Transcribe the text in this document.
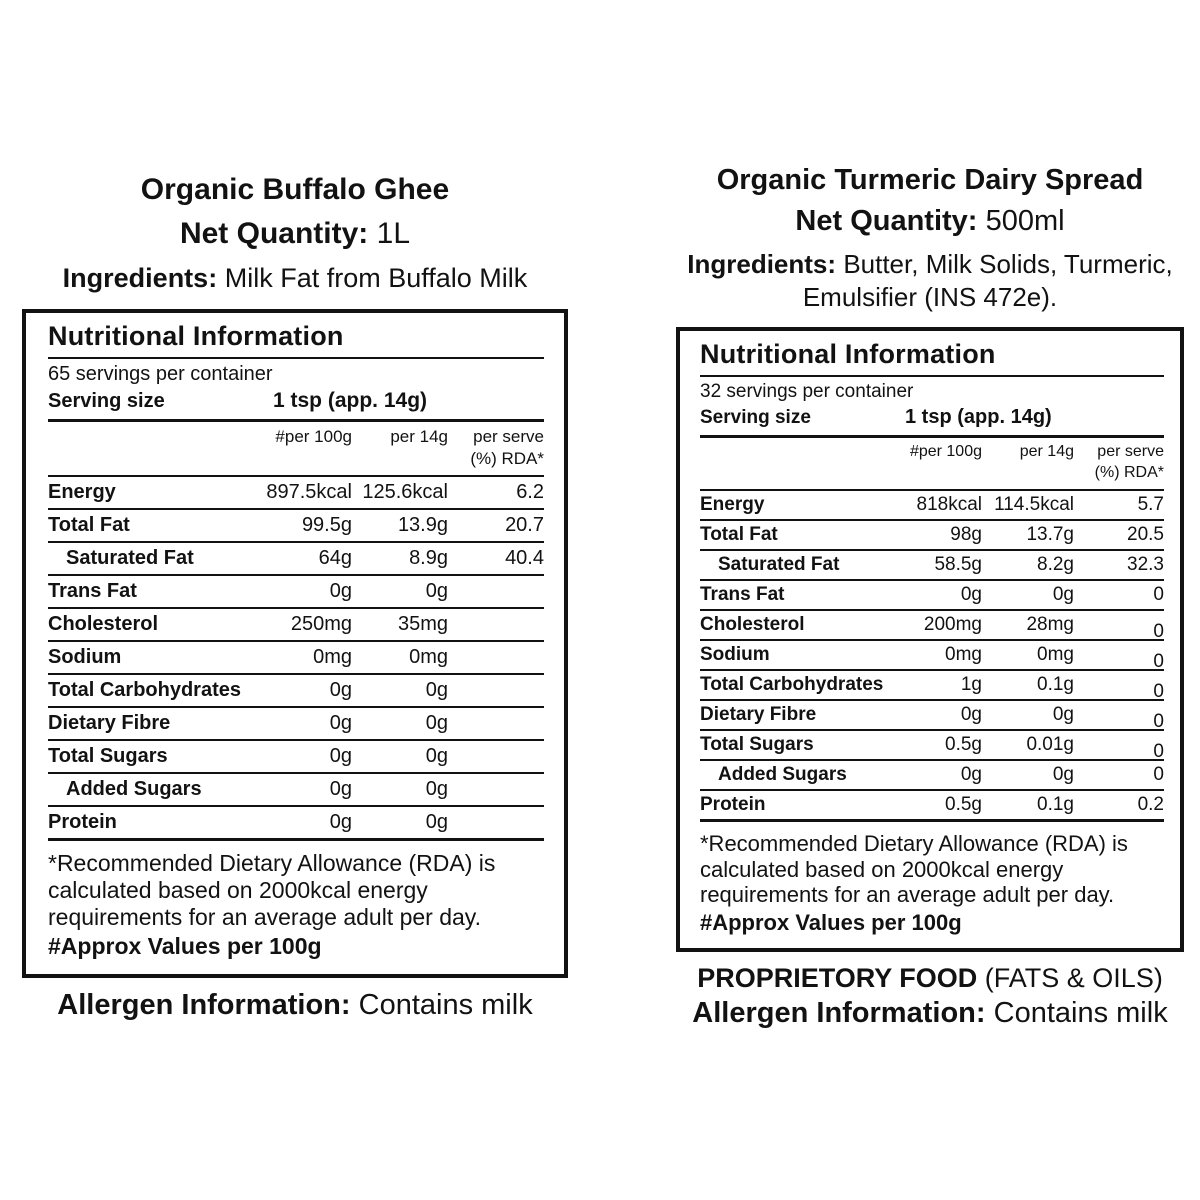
Organic Buffalo Ghee
Net Quantity: 1L
Ingredients: Milk Fat from Buffalo Milk
Nutritional Information
65 servings per container
Serving size	1 tsp (app. 14g)
#per 100g	per 14g	per serve
(%) RDA*
Energy	897.5kcal 125.6kcal	6.2
Total Fat	99.5g	13.9g	20.7
Saturated Fat	64g	8.9g	40.4
Trans Fat	0g	0g
Cholesterol	250mg	35mg
Sodium	0mg	0mg
Total Carbohydrates	0g	0g
Dietary Fibre	0g	0g
Total Sugars	0g	0g
Added Sugars	0g	0g
Protein	0g	0g
*Recommended Dietary Allowance (RDA) is calculated based on 2000kcal energy requirements for an average adult per day.
#Approx Values per 100g
Allergen Information: Contains milk
Organic Turmeric Dairy Spread
Net Quantity: 500ml
Ingredients: Butter, Milk Solids, Turmeric,
Emulsifier (INS 472e).
Nutritional Information
32 servings per container
Serving size	1 tsp (app. 14g)
#per 100g	per 14g	per serve
(%) RDA*
Energy	818kcal 114.5kcal	5.7
Total Fat	98g	13.7g	20.5
Saturated Fat	58.5g	8.2g	32.3
Trans Fat	0g	0g	0
Cholesterol	200mg	28mg	0
Sodium	0mg	0mg	0
Total Carbohydrates	1g	0.1g	0
Dietary Fibre	0g	0g	0
Total Sugars	0.5g	0.01g	0
Added Sugars	0g	0g	0
Protein	0.5g	0.1g	0.2
*Recommended Dietary Allowance (RDA) is calculated based on 2000kcal energy requirements for an average adult per day.
#Approx Values per 100g
PROPRIETORY FOOD (FATS & OILS)
Allergen Information: Contains milk
